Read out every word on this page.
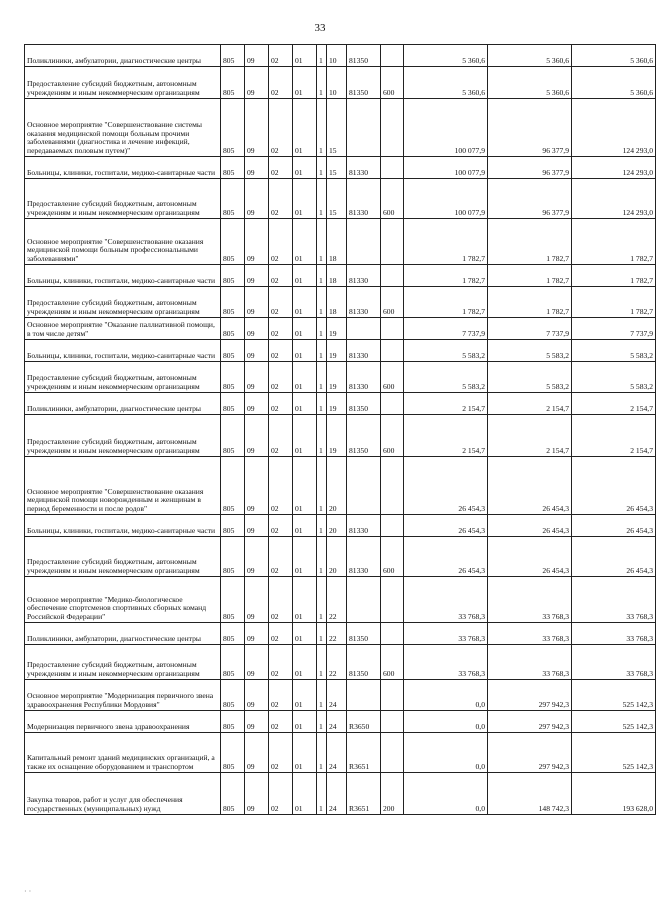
33
Поликлиники, амбулатории, диагностические центры	805	09	02	01	1	10	81350		5 360,6	5 360,6	5 360,6
Предоставление субсидий бюджетным, автономным учреждениям и иным некоммерческим организациям	805	09	02	01	1	10	81350	600	5 360,6	5 360,6	5 360,6
Основное мероприятие "Совершенствование системы оказания медицинской помощи больным прочими заболеваниями (диагностика и лечение инфекций, передаваемых половым путем)"	805	09	02	01	1	15			100 077,9	96 377,9	124 293,0
Больницы, клиники, госпитали, медико-санитарные части	805	09	02	01	1	15	81330		100 077,9	96 377,9	124 293,0
Предоставление субсидий бюджетным, автономным учреждениям и иным некоммерческим организациям	805	09	02	01	1	15	81330	600	100 077,9	96 377,9	124 293,0
Основное мероприятие "Совершенствование оказания медицинской помощи больным профессиональными заболеваниями"	805	09	02	01	1	18			1 782,7	1 782,7	1 782,7
Больницы, клиники, госпитали, медико-санитарные части	805	09	02	01	1	18	81330		1 782,7	1 782,7	1 782,7
Предоставление субсидий бюджетным, автономным учреждениям и иным некоммерческим организациям	805	09	02	01	1	18	81330	600	1 782,7	1 782,7	1 782,7
Основное мероприятие "Оказание паллиативной помощи, в том числе детям"	805	09	02	01	1	19			7 737,9	7 737,9	7 737,9
Больницы, клиники, госпитали, медико-санитарные части	805	09	02	01	1	19	81330		5 583,2	5 583,2	5 583,2
Предоставление субсидий бюджетным, автономным учреждениям и иным некоммерческим организациям	805	09	02	01	1	19	81330	600	5 583,2	5 583,2	5 583,2
Поликлиники, амбулатории, диагностические центры	805	09	02	01	1	19	81350		2 154,7	2 154,7	2 154,7
Предоставление субсидий бюджетным, автономным учреждениям и иным некоммерческим организациям	805	09	02	01	1	19	81350	600	2 154,7	2 154,7	2 154,7
Основное мероприятие "Совершенствование оказания медицинской помощи новорожденным и женщинам в период беременности и после родов"	805	09	02	01	1	20			26 454,3	26 454,3	26 454,3
Больницы, клиники, госпитали, медико-санитарные части	805	09	02	01	1	20	81330		26 454,3	26 454,3	26 454,3
Предоставление субсидий бюджетным, автономным учреждениям и иным некоммерческим организациям	805	09	02	01	1	20	81330	600	26 454,3	26 454,3	26 454,3
Основное мероприятие "Медико-биологическое обеспечение спортсменов спортивных сборных команд Российской Федерации"	805	09	02	01	1	22			33 768,3	33 768,3	33 768,3
Поликлиники, амбулатории, диагностические центры	805	09	02	01	1	22	81350		33 768,3	33 768,3	33 768,3
Предоставление субсидий бюджетным, автономным учреждениям и иным некоммерческим организациям	805	09	02	01	1	22	81350	600	33 768,3	33 768,3	33 768,3
Основное мероприятие "Модернизация первичного звена здравоохранения Республики Мордовия"	805	09	02	01	1	24			0,0	297 942,3	525 142,3
Модернизация первичного звена здравоохранения	805	09	02	01	1	24	R3650		0,0	297 942,3	525 142,3
Капитальный ремонт зданий медицинских организаций, а также их оснащение оборудованием и транспортом	805	09	02	01	1	24	R3651		0,0	297 942,3	525 142,3
Закупка товаров, работ и услуг для обеспечения государственных (муниципальных) нужд	805	09	02	01	1	24	R3651	200	0,0	148 742,3	193 628,0
· ·
